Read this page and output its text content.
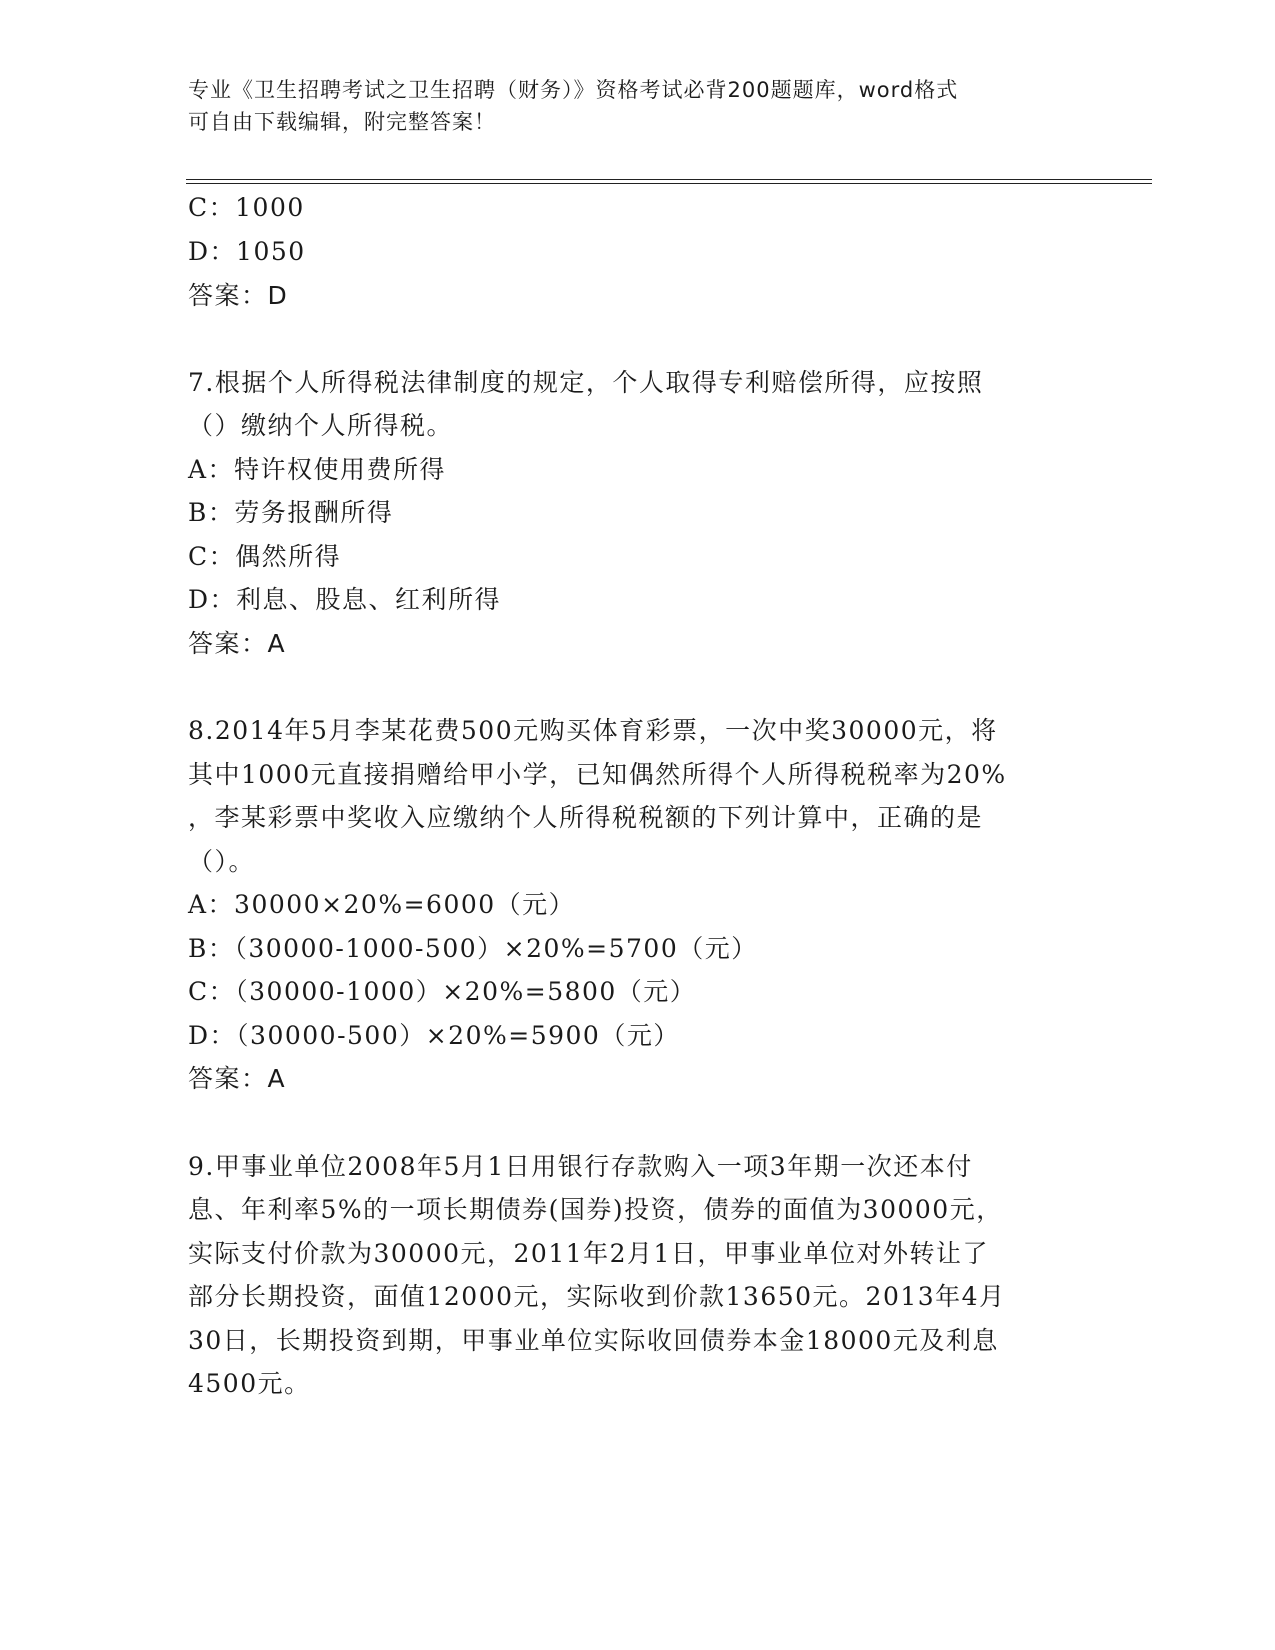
专业《卫生招聘考试之卫生招聘（财务）》资格考试必背200题题库，word格式
可自由下载编辑，附完整答案！

C：1000

D：1050

答案：D

7.根据个人所得税法律制度的规定，个人取得专利赔偿所得，应按照

（）缴纳个人所得税。

A：特许权使用费所得

B：劳务报酬所得

C：偶然所得

D：利息、股息、红利所得

答案：A

8.2014年5月李某花费500元购买体育彩票，一次中奖30000元，将

其中1000元直接捐赠给甲小学，已知偶然所得个人所得税税率为20%

，李某彩票中奖收入应缴纳个人所得税税额的下列计算中，正确的是

（）。

A：30000×20%=6000（元）

B：（30000-1000-500）×20%=5700（元）

C：（30000-1000）×20%=5800（元）

D：（30000-500）×20%=5900（元）

答案：A

9.甲事业单位2008年5月1日用银行存款购入一项3年期一次还本付

息、年利率5%的一项长期债券(国券)投资，债券的面值为30000元，

实际支付价款为30000元，2011年2月1日，甲事业单位对外转让了

部分长期投资，面值12000元，实际收到价款13650元。2013年4月

30日，长期投资到期，甲事业单位实际收回债券本金18000元及利息

4500元。
